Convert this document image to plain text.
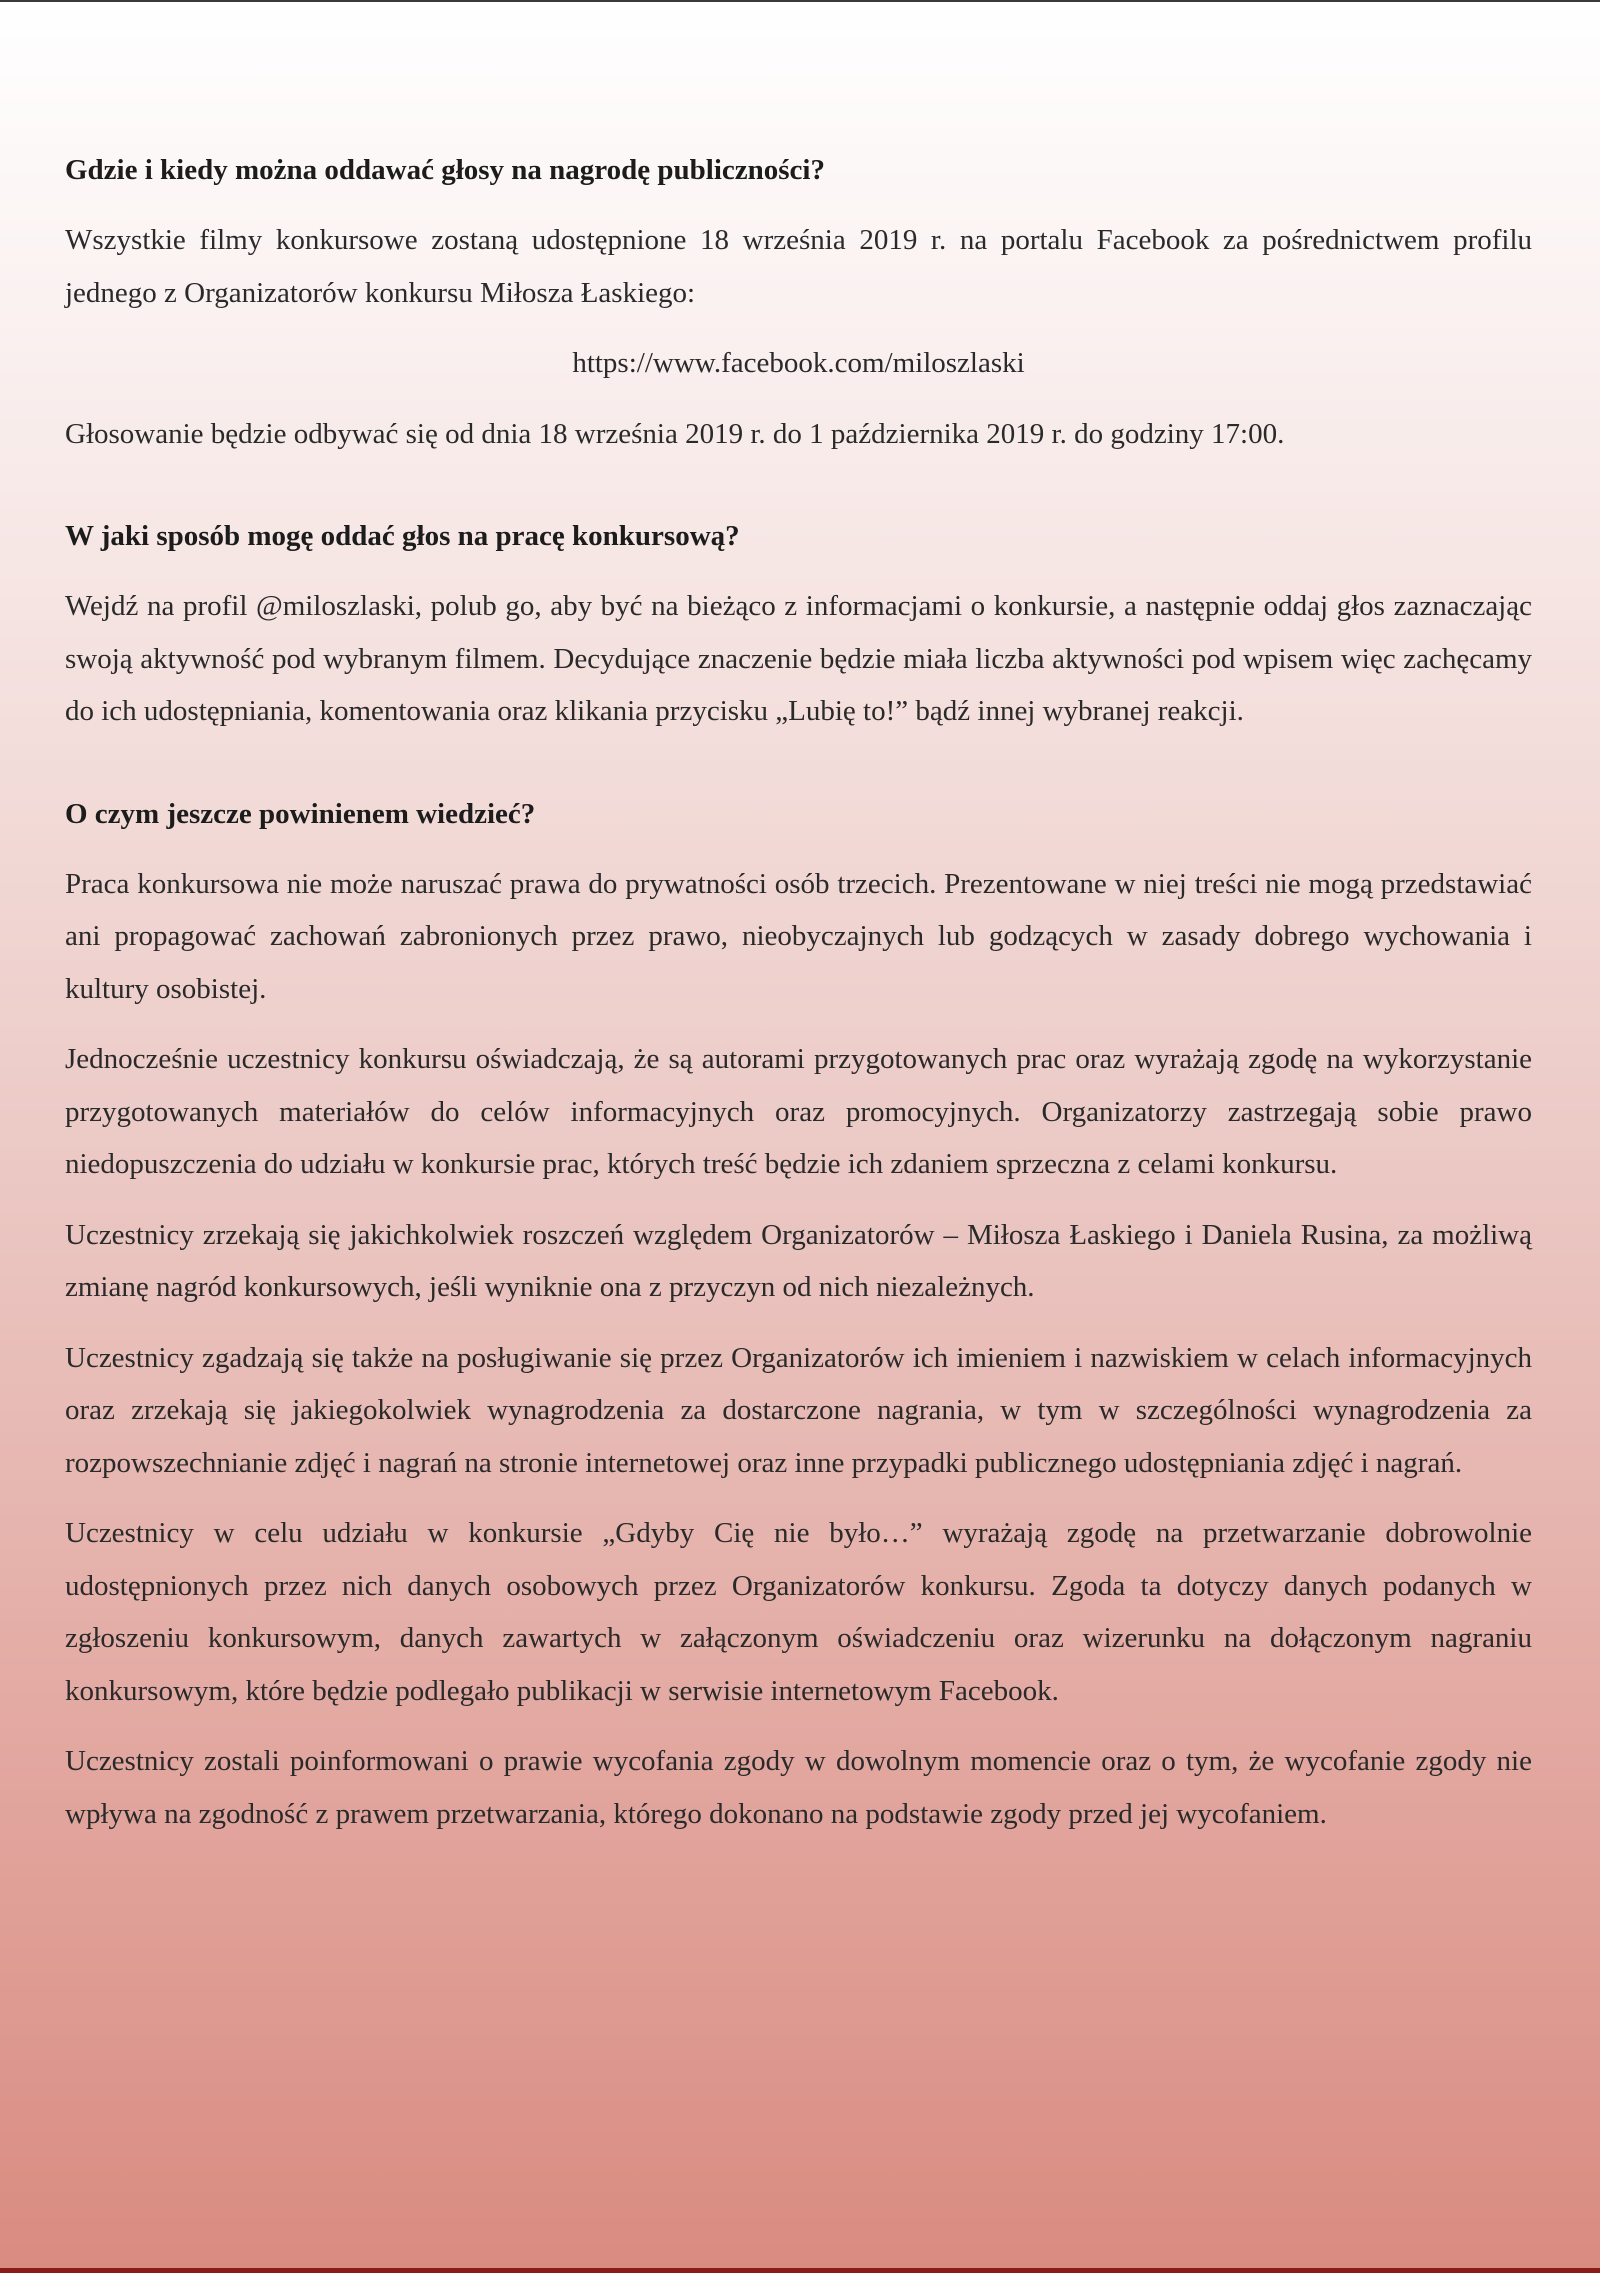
Gdzie i kiedy można oddawać głosy na nagrodę publiczności?

Wszystkie filmy konkursowe zostaną udostępnione 18 września 2019 r. na portalu Facebook za pośrednictwem profilu jednego z Organizatorów konkursu Miłosza Łaskiego:

https://www.facebook.com/miloszlaski

Głosowanie będzie odbywać się od dnia 18 września 2019 r. do 1 października 2019 r. do godziny 17:00.

W jaki sposób mogę oddać głos na pracę konkursową?

Wejdź na profil @miloszlaski, polub go, aby być na bieżąco z informacjami o konkursie, a następnie oddaj głos zaznaczając swoją aktywność pod wybranym filmem. Decydujące znaczenie będzie miała liczba aktywności pod wpisem więc zachęcamy do ich udostępniania, komentowania oraz klikania przycisku „Lubię to!” bądź innej wybranej reakcji.

O czym jeszcze powinienem wiedzieć?

Praca konkursowa nie może naruszać prawa do prywatności osób trzecich. Prezentowane w niej treści nie mogą przedstawiać ani propagować zachowań zabronionych przez prawo, nieobyczajnych lub godzących w zasady dobrego wychowania i kultury osobistej.

Jednocześnie uczestnicy konkursu oświadczają, że są autorami przygotowanych prac oraz wyrażają zgodę na wykorzystanie przygotowanych materiałów do celów informacyjnych oraz promocyjnych. Organizatorzy zastrzegają sobie prawo niedopuszczenia do udziału w konkursie prac, których treść będzie ich zdaniem sprzeczna z celami konkursu.

Uczestnicy zrzekają się jakichkolwiek roszczeń względem Organizatorów – Miłosza Łaskiego i Daniela Rusina, za możliwą zmianę nagród konkursowych, jeśli wyniknie ona z przyczyn od nich niezależnych.

Uczestnicy zgadzają się także na posługiwanie się przez Organizatorów ich imieniem i nazwiskiem w celach informacyjnych oraz zrzekają się jakiegokolwiek wynagrodzenia za dostarczone nagrania, w tym w szczególności wynagrodzenia za rozpowszechnianie zdjęć i nagrań na stronie internetowej oraz inne przypadki publicznego udostępniania zdjęć i nagrań.

Uczestnicy w celu udziału w konkursie „Gdyby Cię nie było…” wyrażają zgodę na przetwarzanie dobrowolnie udostępnionych przez nich danych osobowych przez Organizatorów konkursu. Zgoda ta dotyczy danych podanych w zgłoszeniu konkursowym, danych zawartych w załączonym oświadczeniu oraz wizerunku na dołączonym nagraniu konkursowym, które będzie podlegało publikacji w serwisie internetowym Facebook.

Uczestnicy zostali poinformowani o prawie wycofania zgody w dowolnym momencie oraz o tym, że wycofanie zgody nie wpływa na zgodność z prawem przetwarzania, którego dokonano na podstawie zgody przed jej wycofaniem.
